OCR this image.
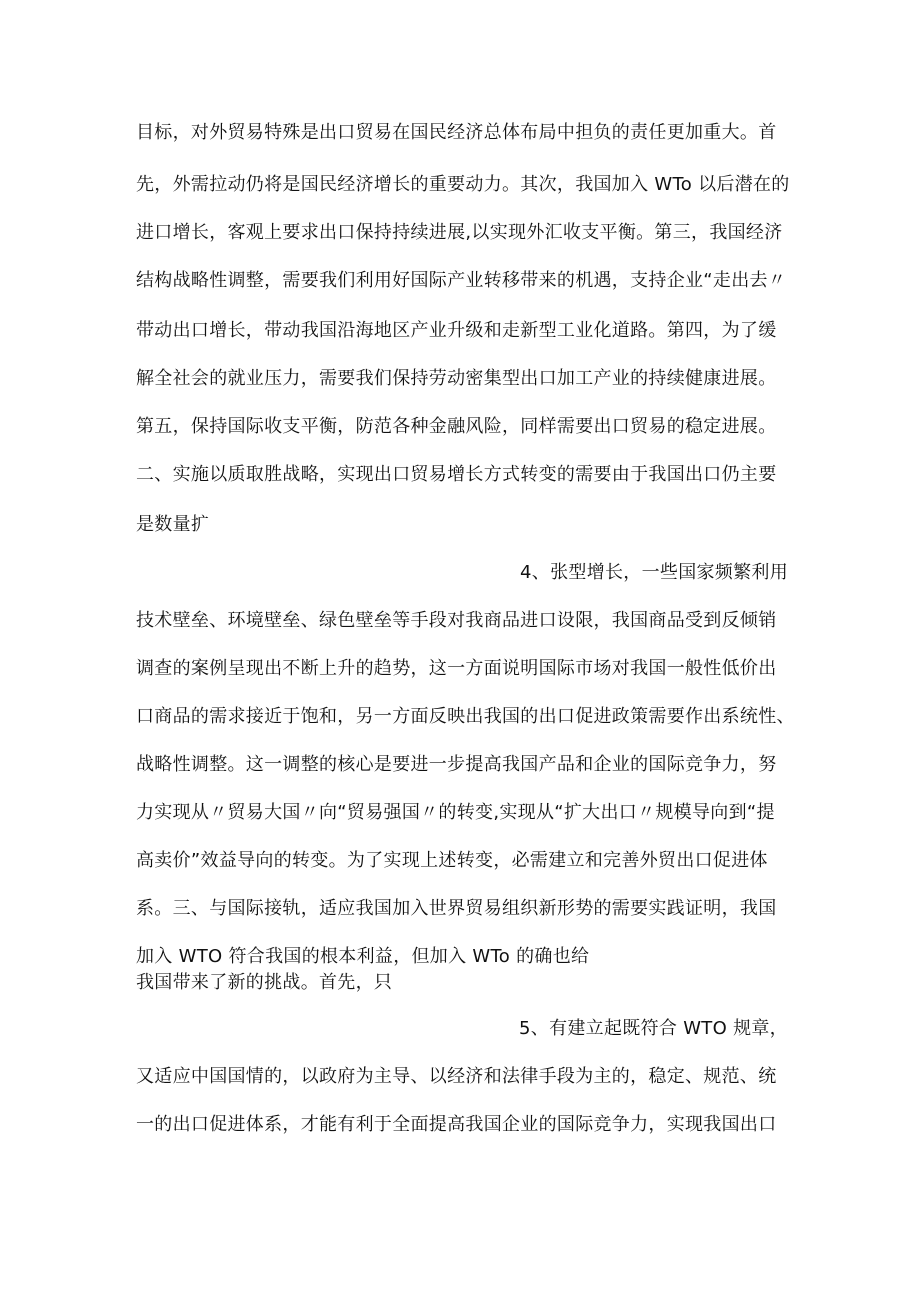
目标，对外贸易特殊是出口贸易在国民经济总体布局中担负的责任更加重大。首
先，外需拉动仍将是国民经济增长的重要动力。其次，我国加入 WTo 以后潜在的
进口增长，客观上要求出口保持持续进展,以实现外汇收支平衡。第三，我国经济
结构战略性调整，需要我们利用好国际产业转移带来的机遇，支持企业“走出去〃
带动出口增长，带动我国沿海地区产业升级和走新型工业化道路。第四，为了缓
解全社会的就业压力，需要我们保持劳动密集型出口加工产业的持续健康进展。
第五，保持国际收支平衡，防范各种金融风险，同样需要出口贸易的稳定进展。
二、实施以质取胜战略，实现出口贸易增长方式转变的需要由于我国出口仍主要
是数量扩
4、张型增长，一些国家频繁利用
技术壁垒、环境壁垒、绿色壁垒等手段对我商品进口设限，我国商品受到反倾销
调查的案例呈现出不断上升的趋势，这一方面说明国际市场对我国一般性低价出
口商品的需求接近于饱和，另一方面反映出我国的出口促进政策需要作出系统性、
战略性调整。这一调整的核心是要进一步提高我国产品和企业的国际竞争力，努
力实现从〃贸易大国〃向“贸易强国〃的转变,实现从“扩大出口〃规模导向到“提
高卖价”效益导向的转变。为了实现上述转变，必需建立和完善外贸出口促进体
系。三、与国际接轨，适应我国加入世界贸易组织新形势的需要实践证明，我国
加入 WTO 符合我国的根本利益，但加入 WTo 的确也给
我国带来了新的挑战。首先，只
5、有建立起既符合 WTO 规章，
又适应中国国情的，以政府为主导、以经济和法律手段为主的，稳定、规范、统
一的出口促进体系，才能有利于全面提高我国企业的国际竞争力，实现我国出口
